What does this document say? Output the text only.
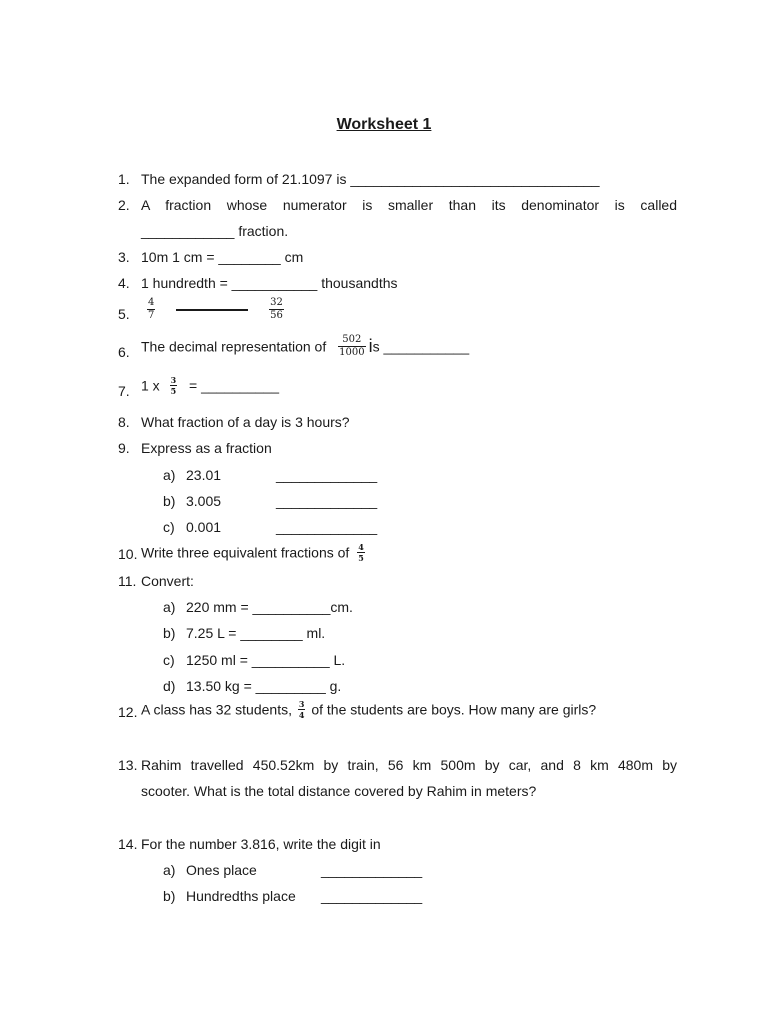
Worksheet 1
1. The expanded form of 21.1097 is ________________________________
2. A fraction whose numerator is smaller than its denominator is called
____________ fraction.
3. 10m 1 cm = ________ cm
4. 1 hundredth = ___________ thousandths
5. $\frac{4}{7}$
	$\frac{32}{56}$
6. The decimal representation of $\frac{502}{1000}$ is ___________
7. 1 x $\frac{3}{5}$ = __________
8. What fraction of a day is 3 hours?
9. Express as a fraction
a) 23.01	_____________
b) 3.005	_____________
c) 0.001	_____________
10. Write three equivalent fractions of $\frac{4}{5}$
11. Convert:
a) 220 mm = __________cm.
b) 7.25 L = ________ ml.
c) 1250 ml = __________ L.
d) 13.50 kg = _________ g.
12. A class has 32 students, $\frac{3}{4}$ of the students are boys. How many are girls?
13. Rahim travelled 450.52km by train, 56 km 500m by car, and 8 km 480m by
scooter. What is the total distance covered by Rahim in meters?
14. For the number 3.816, write the digit in
a) Ones place	_____________
b) Hundredths place _____________
